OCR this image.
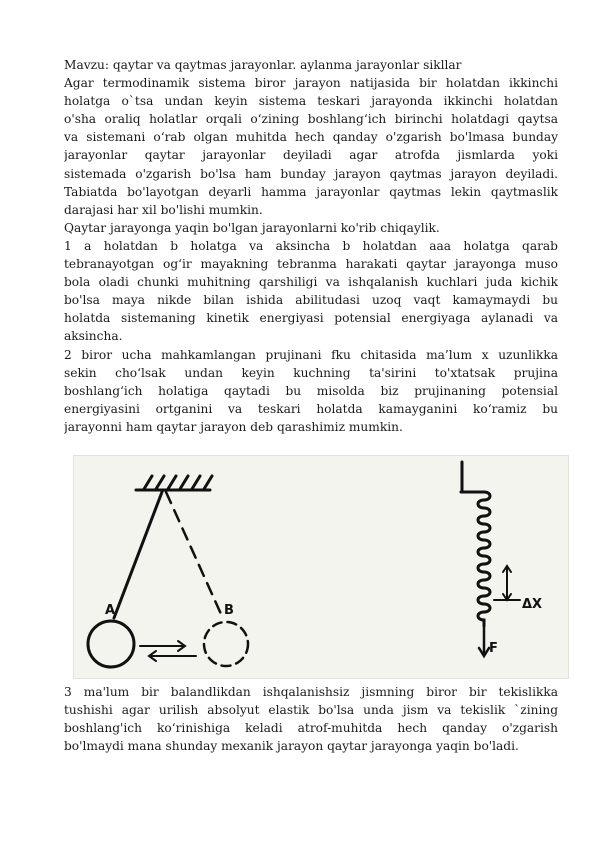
Mavzu: qaytar va qaytmas jarayonlar. aylanma jarayonlar sikllar
Agar termodinamik sistema biror jarayon natijasida bir holatdan ikkinchi
holatga o`tsa undan keyin sistema teskari jarayonda ikkinchi holatdan
o'sha oraliq holatlar orqali o‘zining boshlang‘ich birinchi holatdagi qaytsa
va sistemani o‘rab olgan muhitda hech qanday o'zgarish bo'lmasa bunday
jarayonlar qaytar jarayonlar deyiladi agar atrofda jismlarda yoki
sistemada o'zgarish bo'lsa ham bunday jarayon qaytmas jarayon deyiladi.
Tabiatda bo'layotgan deyarli hamma jarayonlar qaytmas lekin qaytmaslik
darajasi har xil bo'lishi mumkin.
Qaytar jarayonga yaqin bo'lgan jarayonlarni ko'rib chiqaylik.
1 a holatdan b holatga va aksincha b holatdan aaa holatga qarab
tebranayotgan og‘ir mayakning tebranma harakati qaytar jarayonga muso
bola oladi chunki muhitning qarshiligi va ishqalanish kuchlari juda kichik
bo'lsa maya nikde bilan ishida abilitudasi uzoq vaqt kamaymaydi bu
holatda sistemaning kinetik energiyasi potensial energiyaga aylanadi va
aksincha.
2 biror ucha mahkamlangan prujinani fku chitasida ma’lum x uzunlikka
sekin cho‘lsak undan keyin kuchning ta'sirini to'xtatsak prujina
boshlang‘ich holatiga qaytadi bu misolda biz prujinaning potensial
energiyasini ortganini va teskari holatda kamayganini ko‘ramiz bu
jarayonni ham qaytar jarayon deb qarashimiz mumkin.
A	B	ΔX
F
3 ma'lum bir balandlikdan ishqalanishsiz jismning biror bir tekislikka
tushishi agar urilish absolyut elastik bo'lsa unda jism va tekislik `zining
boshlang'ich ko‘rinishiga keladi atrof-muhitda hech qanday o'zgarish
bo'lmaydi mana shunday mexanik jarayon qaytar jarayonga yaqin bo'ladi.
